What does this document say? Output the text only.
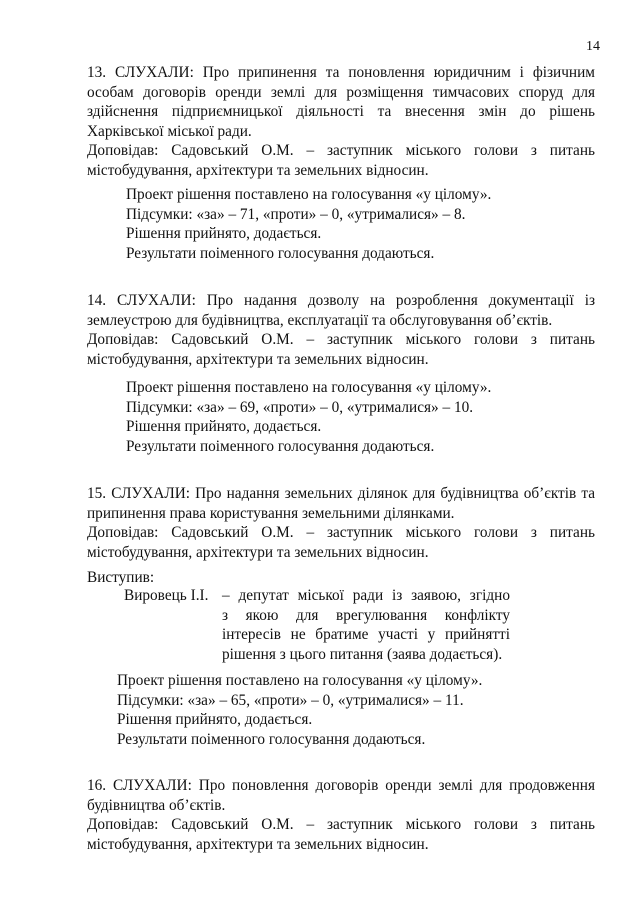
14
13. СЛУХАЛИ: Про припинення та поновлення юридичним і фізичним
особам договорів оренди землі для розміщення тимчасових споруд для
здійснення підприємницької діяльності та внесення змін до рішень
Харківської міської ради.
Доповідав: Садовський О.М. – заступник міського голови з питань
містобудування, архітектури та земельних відносин.
Проект рішення поставлено на голосування «у цілому».
Підсумки: «за» – 71, «проти» – 0, «утрималися» – 8.
Рішення прийнято, додається.
Результати поіменного голосування додаються.
14. СЛУХАЛИ: Про надання дозволу на розроблення документації із
землеустрою для будівництва, експлуатації та обслуговування об’єктів.
Доповідав: Садовський О.М. – заступник міського голови з питань
містобудування, архітектури та земельних відносин.
Проект рішення поставлено на голосування «у цілому».
Підсумки: «за» – 69, «проти» – 0, «утрималися» – 10.
Рішення прийнято, додається.
Результати поіменного голосування додаються.
15. СЛУХАЛИ: Про надання земельних ділянок для будівництва об’єктів та
припинення права користування земельними ділянками.
Доповідав: Садовський О.М. – заступник міського голови з питань
містобудування, архітектури та земельних відносин.
Виступив:
Вировець І.І. – депутат міської ради із заявою, згідно
з якою для врегулювання конфлікту
інтересів не братиме участі у прийнятті
рішення з цього питання (заява додається).
Проект рішення поставлено на голосування «у цілому».
Підсумки: «за» – 65, «проти» – 0, «утрималися» – 11.
Рішення прийнято, додається.
Результати поіменного голосування додаються.
16. СЛУХАЛИ: Про поновлення договорів оренди землі для продовження
будівництва об’єктів.
Доповідав: Садовський О.М. – заступник міського голови з питань
містобудування, архітектури та земельних відносин.
